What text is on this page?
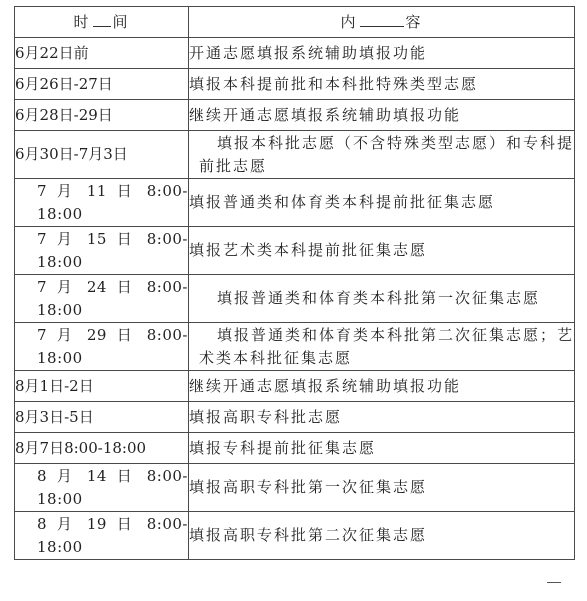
时 间	内 容
6月22日前	开通志愿填报系统辅助填报功能
6月26日-27日	填报本科提前批和本科批特殊类型志愿
6月28日-29日	继续开通志愿填报系统辅助填报功能
6月30日-7月3日	填报本科批志愿（不含特殊类型志愿）和专科提前批志愿
7 月 11 日 8:00-18:00	填报普通类和体育类本科提前批征集志愿
7 月 15 日 8:00-18:00	填报艺术类本科提前批征集志愿
7 月 24 日 8:00-18:00	填报普通类和体育类本科批第一次征集志愿
7 月 29 日 8:00-18:00	填报普通类和体育类本科批第二次征集志愿；艺术类本科批征集志愿
8月1日-2日	继续开通志愿填报系统辅助填报功能
8月3日-5日	填报高职专科批志愿
8月7日8:00-18:00	填报专科提前批征集志愿
8 月 14 日 8:00-18:00	填报高职专科批第一次征集志愿
8 月 19 日 8:00-18:00	填报高职专科批第二次征集志愿
